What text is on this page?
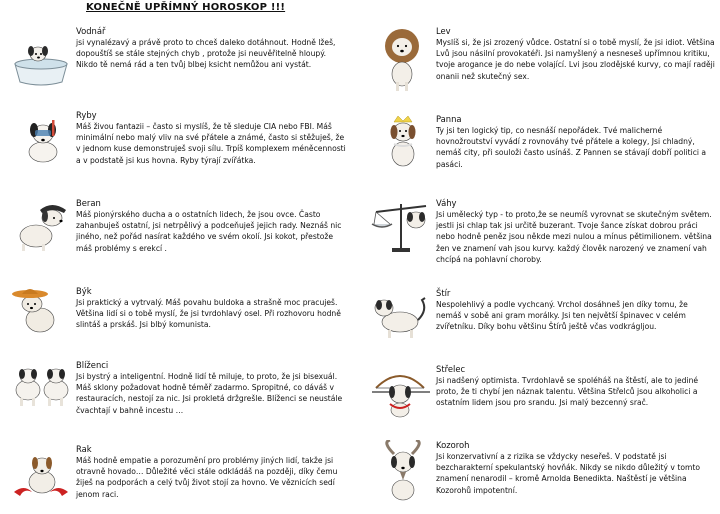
KONEČNĚ UPŘÍMNÝ HOROSKOP !!!
Vodnář
jsi vynalézavý a právě proto to chceš daleko dotáhnout. Hodně lžeš, dopouštíš se stále stejných chyb , protože jsi neuvěřitelně hloupý. Nikdo tě nemá rád a ten tvůj blbej ksicht nemůžou ani vystát.
Ryby
Máš živou fantazii – často si myslíš, že tě sleduje CIA nebo FBI. Máš minimální nebo malý vliv na své přátele a známé, často si stěžuješ, že v jednom kuse demonstruješ svoji sílu. Trpíš komplexem méněcennosti a v podstatě jsi kus hovna. Ryby týrají zvířátka.
Beran
Máš pionýrského ducha a o ostatních lidech, že jsou ovce. Často zahanbuješ ostatní, jsi netrpělivý a podceňuješ jejich rady. Neznáš nic jiného, než pořád nasírat každého ve svém okolí. Jsi kokot, přestože máš problémy s erekcí .
Býk
Jsi praktický a vytrvalý. Máš povahu buldoka a strašně moc pracuješ. Většina lidí si o tobě myslí, že jsi tvrdohlavý osel. Při rozhovoru hodně slintáš a prskáš. Jsi blbý komunista.
Blíženci
Jsi bystrý a inteligentní. Hodně lidí tě miluje, to proto, že jsi bisexuál. Máš sklony požadovat hodně téměř zadarmo. Spropitné, co dáváš v restauracích, nestojí za nic. Jsi prokletá držgrešle. Blíženci se neustále čvachtají v bahně incestu …
Rak
Máš hodně empatie a porozumění pro problémy jiných lidí, takže jsi otravně hovado… Důležité věci stále odkládáš na později, díky čemu žiješ na podporách a celý tvůj život stojí za hovno. Ve věznicích sedí jenom raci.
Lev
Myslíš si, že jsi zrozený vůdce. Ostatní si o tobě myslí, že jsi idiot. Většina Lvů jsou násilní provokatéři. Jsi namyšlený a nesneseš upřímnou kritiku, tvoje arogance je do nebe volající. Lvi jsou zlodějské kurvy, co mají raději onanii než skutečný sex.
Panna
Ty jsi ten logický tip, co nesnáší nepořádek. Tvé malicherné hovnožroutství vyvádí z rovnováhy tvé přátele a kolegy, Jsi chladný, nemáš city, při souloži často usínáš. Z Pannen se stávají dobří politici a pasáci.
Váhy
Jsi umělecký typ - to proto,že se neumíš vyrovnat se skutečným světem. jestli jsi chlap tak jsi určitě buzerant. Tvoje šance získat dobrou práci nebo hodně peněz jsou někde mezi nulou a mínus pětimilionem. většina žen ve znamení vah jsou kurvy. každý člověk narozený ve znamení vah chcípá na pohlavní choroby.
Štír
Nespolehlivý a podle vychcaný. Vrchol dosáhneš jen díky tomu, že nemáš v sobě ani gram morálky. Jsi ten největší špinavec v celém zvířetníku. Díky bohu většinu Štírů ještě včas vodkrágljou.
Střelec
Jsi nadšený optimista. Tvrdohlavě se spoléháš na štěstí, ale to jediné proto, že ti chybí jen náznak talentu. Většina Střelců jsou alkoholici a ostatním lidem jsou pro srandu. Jsi malý bezcenný srač.
Kozoroh
Jsi konzervativní a z rizika se vždycky neseřeš. V podstatě jsi bezcharakterní spekulantský hovňák. Nikdy se nikdo důležitý v tomto znamení nenarodil – kromě Arnolda Benedikta. Naštěstí je většina Kozorohů impotentní.
